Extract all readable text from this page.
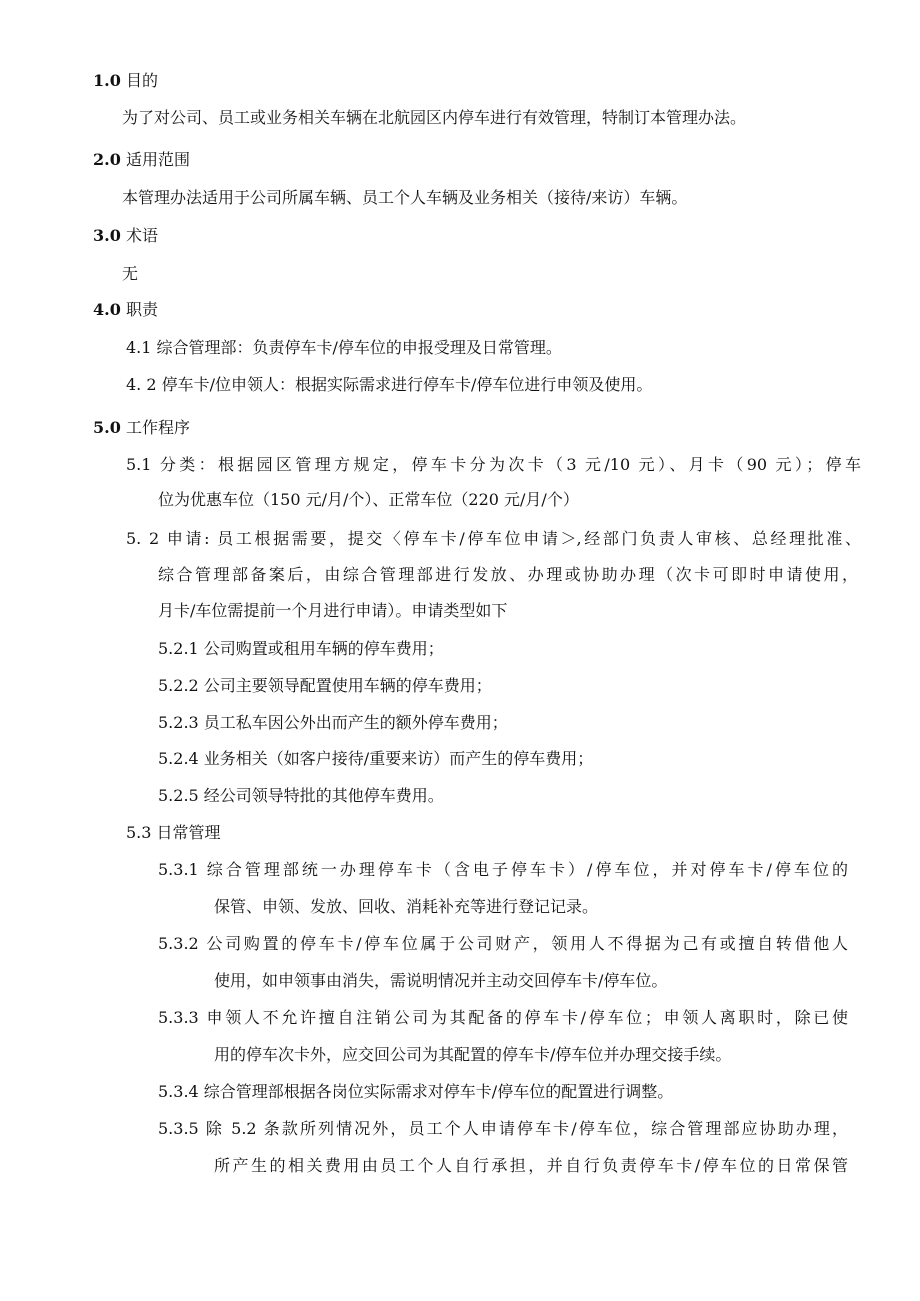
1.0 目的
为了对公司、员工或业务相关车辆在北航园区内停车进行有效管理，特制订本管理办法。
2.0 适用范围
本管理办法适用于公司所属车辆、员工个人车辆及业务相关（接待/来访）车辆。
3.0 术语
无
4.0 职责
4.1 综合管理部：负责停车卡/停车位的申报受理及日常管理。
4. 2 停车卡/位申领人：根据实际需求进行停车卡/停车位进行申领及使用。
5.0 工作程序
5.1 分类：根据园区管理方规定，停车卡分为次卡（3 元/10 元）、月卡（90 元）；停车
位为优惠车位（150 元/月/个）、正常车位（220 元/月/个）
5. 2 申请: 员工根据需要，提交〈停车卡/停车位申请＞,经部门负责人审核、总经理批准、
综合管理部备案后，由综合管理部进行发放、办理或协助办理（次卡可即时申请使用，
月卡/车位需提前一个月进行申请）。申请类型如下
5.2.1 公司购置或租用车辆的停车费用；
5.2.2 公司主要领导配置使用车辆的停车费用；
5.2.3 员工私车因公外出而产生的额外停车费用；
5.2.4 业务相关（如客户接待/重要来访）而产生的停车费用；
5.2.5 经公司领导特批的其他停车费用。
5.3 日常管理
5.3.1 综合管理部统一办理停车卡（含电子停车卡）/停车位，并对停车卡/停车位的
保管、申领、发放、回收、消耗补充等进行登记记录。
5.3.2 公司购置的停车卡/停车位属于公司财产，领用人不得据为己有或擅自转借他人
使用，如申领事由消失，需说明情况并主动交回停车卡/停车位。
5.3.3 申领人不允许擅自注销公司为其配备的停车卡/停车位；申领人离职时，除已使
用的停车次卡外，应交回公司为其配置的停车卡/停车位并办理交接手续。
5.3.4 综合管理部根据各岗位实际需求对停车卡/停车位的配置进行调整。
5.3.5 除 5.2 条款所列情况外，员工个人申请停车卡/停车位，综合管理部应协助办理，
所产生的相关费用由员工个人自行承担，并自行负责停车卡/停车位的日常保管
